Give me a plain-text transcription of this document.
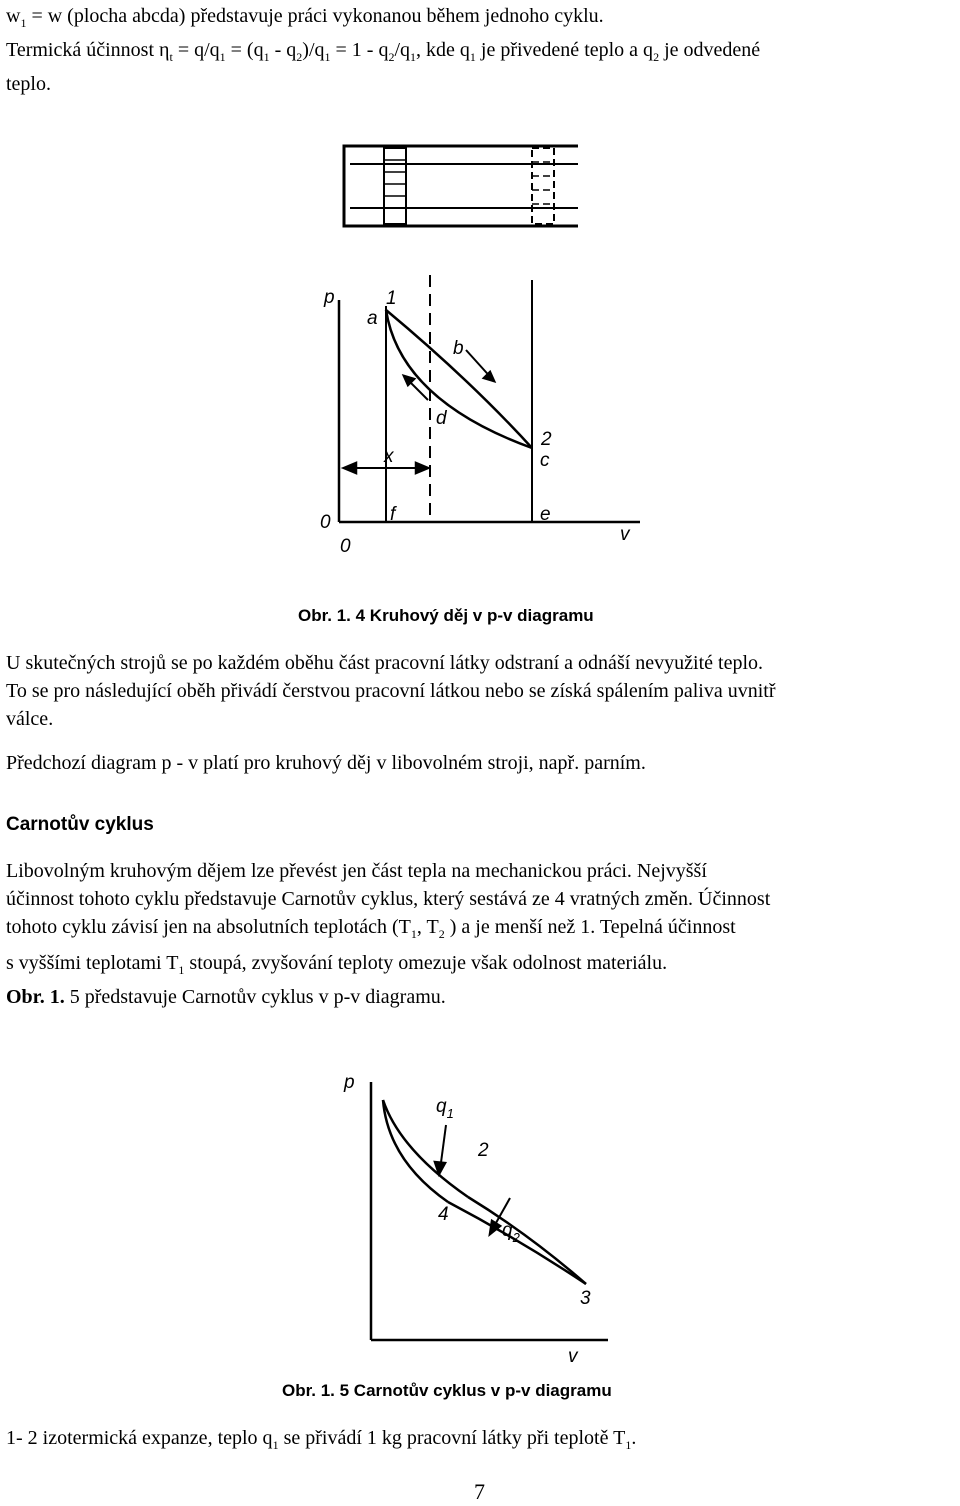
$w_1 = w$ (plocha abcda) představuje práci vykonanou během jednoho cyklu.
Termická účinnost $\eta_t = q/q_1 = (q_1 - q_2)/q_1 = 1 - q_2/q_1$, kde $q_1$ je přivedené teplo a $q_2$ je odvedené
teplo.
p	1
a
b
d
2
c
x
0
0
f	e
v
Obr. 1. 4 Kruhový děj v p-v diagramu
U skutečných strojů se po každém oběhu část pracovní látky odstraní a odnáší nevyužité teplo.
To se pro následující oběh přivádí čerstvou pracovní látkou nebo se získá spálením paliva uvnitř
válce.
Předchozí diagram p - v platí pro kruhový děj v libovolném stroji, např. parním.
Carnotův cyklus
Libovolným kruhovým dějem lze převést jen část tepla na mechanickou práci. Nejvyšší
účinnost tohoto cyklu představuje Carnotův cyklus, který sestává ze 4 vratných změn. Účinnost
tohoto cyklu závisí jen na absolutních teplotách ($T_1$, $T_2$ ) a je menší než 1. Tepelná účinnost
s vyššími teplotami $T_1$ stoupá, zvyšování teploty omezuje však odolnost materiálu.
Obr. 1. 5 představuje Carnotův cyklus v p-v diagramu.
p
$q_1$
2
4
$q_2$
3
v
Obr. 1. 5 Carnotův cyklus v p-v diagramu
1- 2 izotermická expanze, teplo $q_1$ se přivádí 1 kg pracovní látky při teplotě $T_1$.
7
